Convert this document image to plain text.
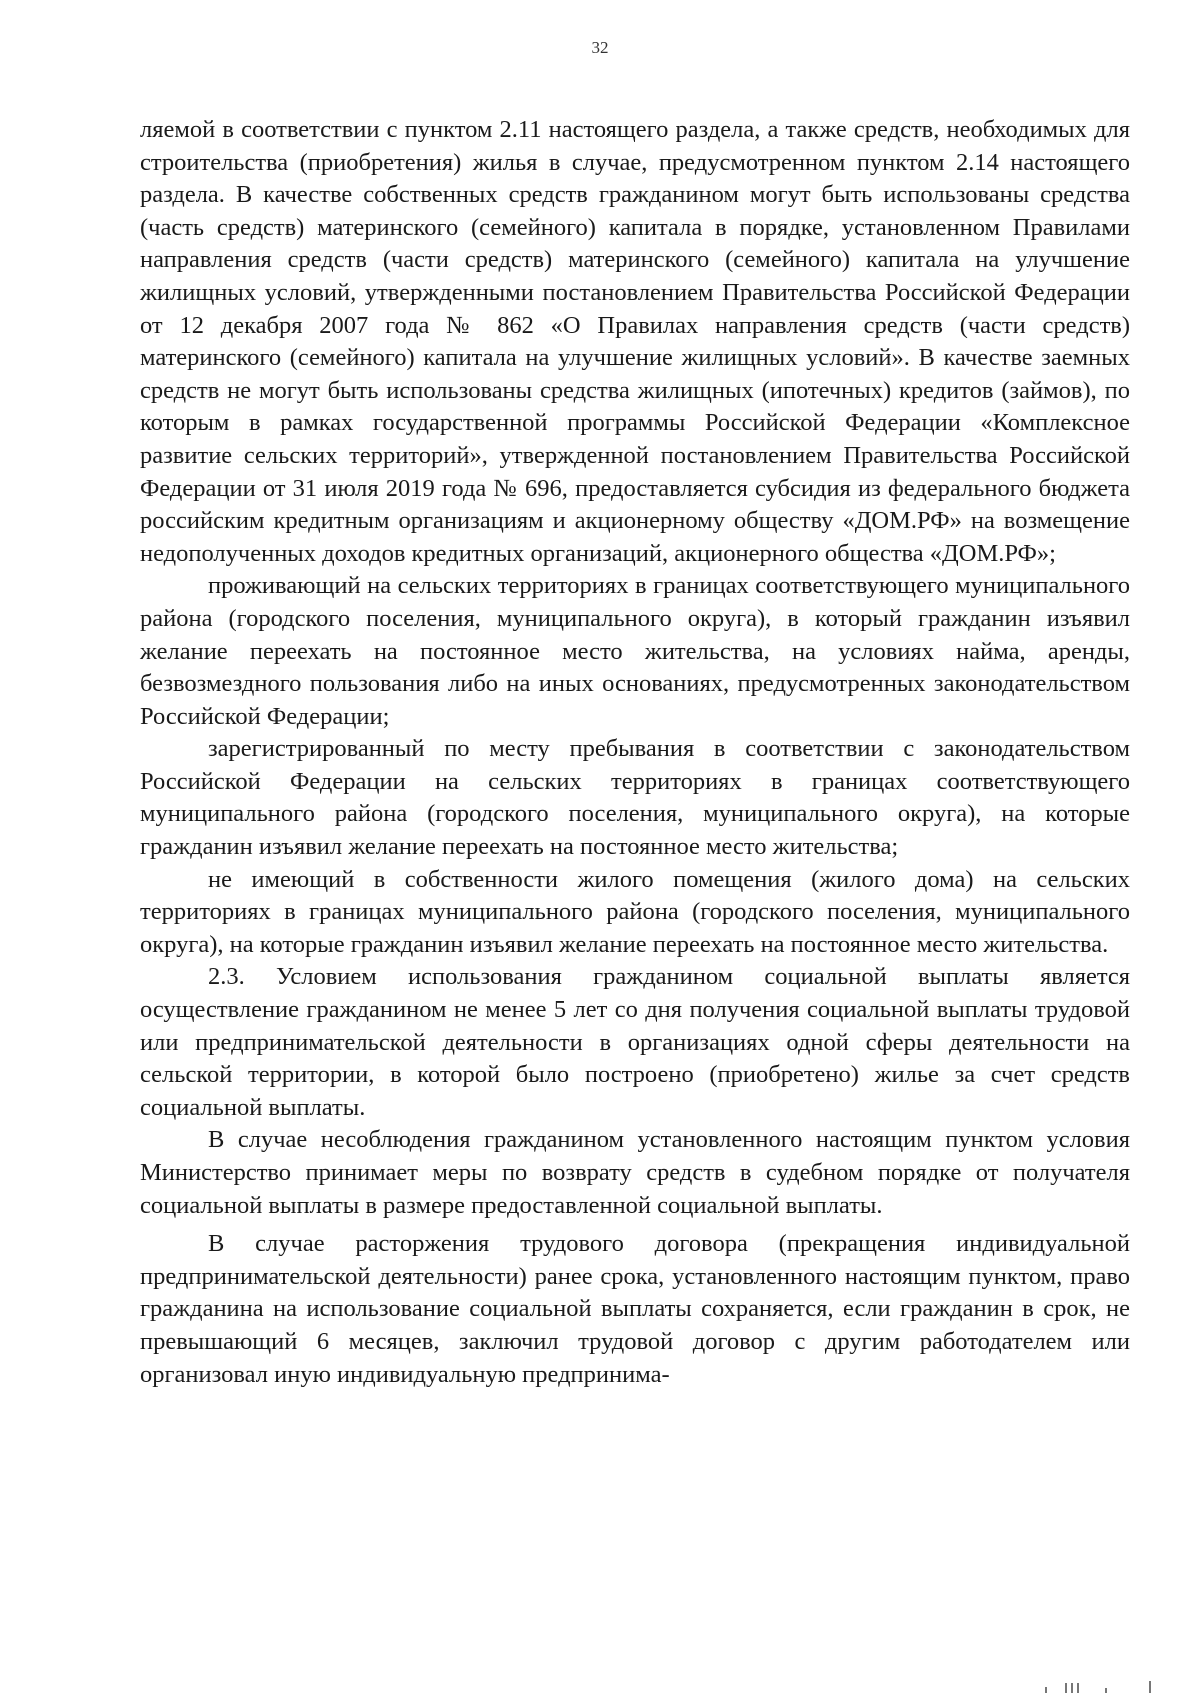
32

ляемой в соответствии с пунктом 2.11 настоящего раздела, а также средств, необходимых для строительства (приобретения) жилья в случае, предусмотренном пунктом 2.14 настоящего раздела. В качестве собственных средств гражданином могут быть использованы средства (часть средств) материнского (семейного) капитала в порядке, установленном Правилами направления средств (части средств) материнского (семейного) капитала на улучшение жилищных условий, утвержденными постановлением Правительства Российской Федерации от 12 декабря 2007 года № 862 «О Правилах направления средств (части средств) материнского (семейного) капитала на улучшение жилищных условий». В качестве заемных средств не могут быть использованы средства жилищных (ипотечных) кредитов (займов), по которым в рамках государственной программы Российской Федерации «Комплексное развитие сельских территорий», утвержденной постановлением Правительства Российской Федерации от 31 июля 2019 года № 696, предоставляется субсидия из федерального бюджета российским кредитным организациям и акционерному обществу «ДОМ.РФ» на возмещение недополученных доходов кредитных организаций, акционерного общества «ДОМ.РФ»;

проживающий на сельских территориях в границах соответствующего муниципального района (городского поселения, муниципального округа), в который гражданин изъявил желание переехать на постоянное место жительства, на условиях найма, аренды, безвозмездного пользования либо на иных основаниях, предусмотренных законодательством Российской Федерации;

зарегистрированный по месту пребывания в соответствии с законодательством Российской Федерации на сельских территориях в границах соответствующего муниципального района (городского поселения, муниципального округа), на которые гражданин изъявил желание переехать на постоянное место жительства;

не имеющий в собственности жилого помещения (жилого дома) на сельских территориях в границах муниципального района (городского поселения, муниципального округа), на которые гражданин изъявил желание переехать на постоянное место жительства.

2.3. Условием использования гражданином социальной выплаты является осуществление гражданином не менее 5 лет со дня получения социальной выплаты трудовой или предпринимательской деятельности в организациях одной сферы деятельности на сельской территории, в которой было построено (приобретено) жилье за счет средств социальной выплаты.

В случае несоблюдения гражданином установленного настоящим пунктом условия Министерство принимает меры по возврату средств в судебном порядке от получателя социальной выплаты в размере предоставленной социальной выплаты.

В случае расторжения трудового договора (прекращения индивидуальной предпринимательской деятельности) ранее срока, установленного настоящим пунктом, право гражданина на использование социальной выплаты сохраняется, если гражданин в срок, не превышающий 6 месяцев, заключил трудовой договор с другим работодателем или организовал иную индивидуальную предпринима-
